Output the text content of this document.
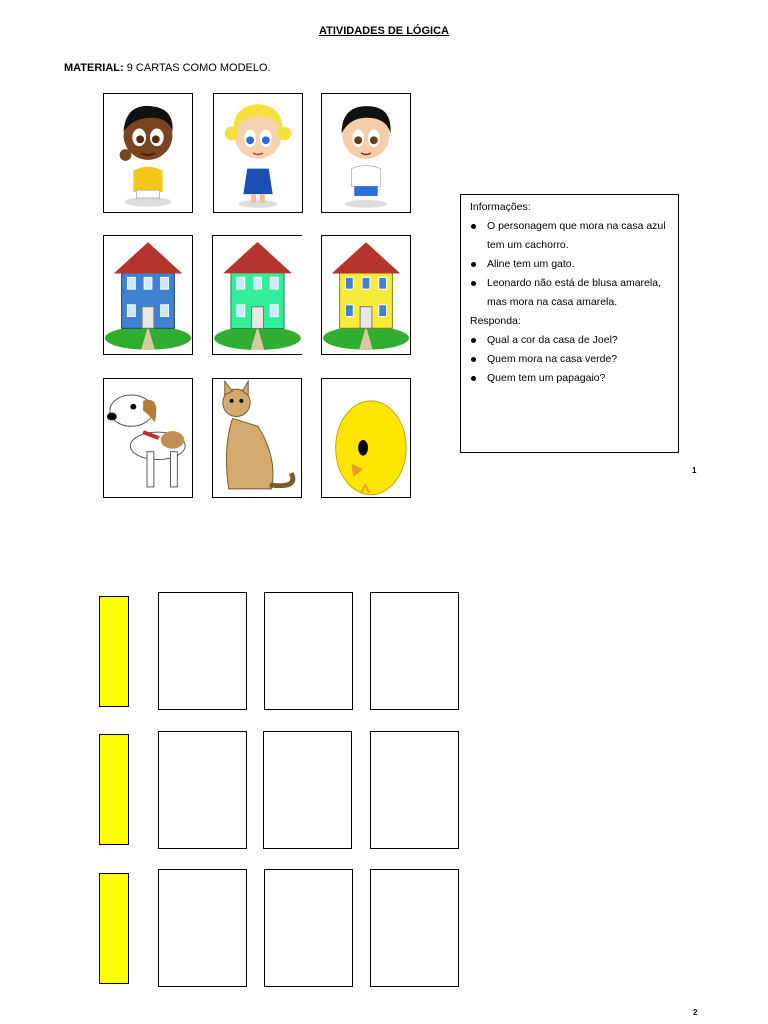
ATIVIDADES DE LÓGICA
MATERIAL: 9 CARTAS COMO MODELO.
Informações:
O personagem que mora na casa azul tem um cachorro.
Aline tem um gato.
Leonardo não está de blusa amarela, mas mora na casa amarela.
Responda:
Qual a cor da casa de Joel?
Quem mora na casa verde?
Quem tem um papagaio?
1
2
